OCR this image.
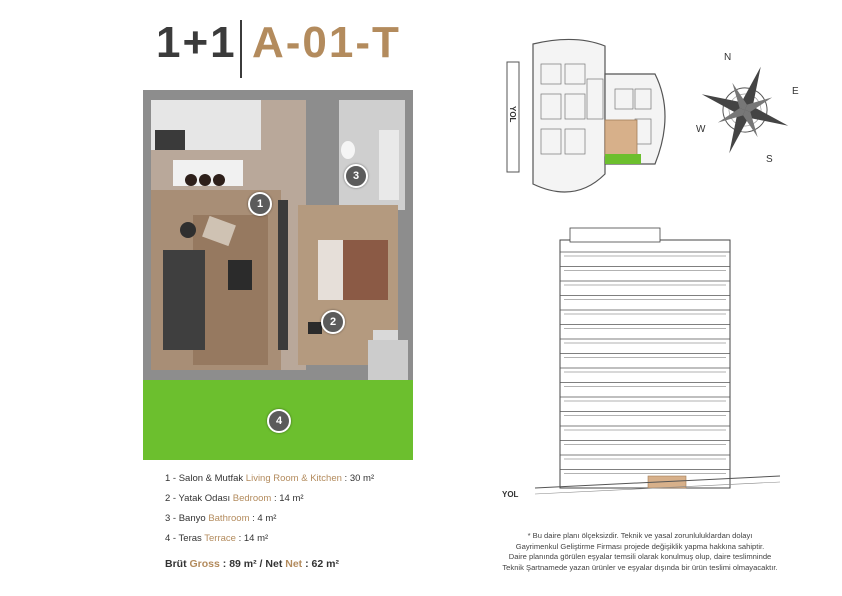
1+1 A-01-T
1
2
3
4
1 - Salon & Mutfak Living Room & Kitchen : 30 m²
2 - Yatak Odası Bedroom : 14 m²
3 - Banyo Bathroom : 4 m²
4 - Teras Terrace : 14 m²
Brüt Gross : 89 m² / Net Net : 62 m²
YOL
N
E
S
W
YOL
* Bu daire planı ölçeksizdir. Teknik ve yasal zorunluluklardan dolayı
Gayrimenkul Geliştirme Firması projede değişiklik yapma hakkına sahiptir.
Daire planında görülen eşyalar temsili olarak konulmuş olup, daire teslimninde
Teknik Şartnamede yazan ürünler ve eşyalar dışında bir ürün teslimi olmayacaktır.
